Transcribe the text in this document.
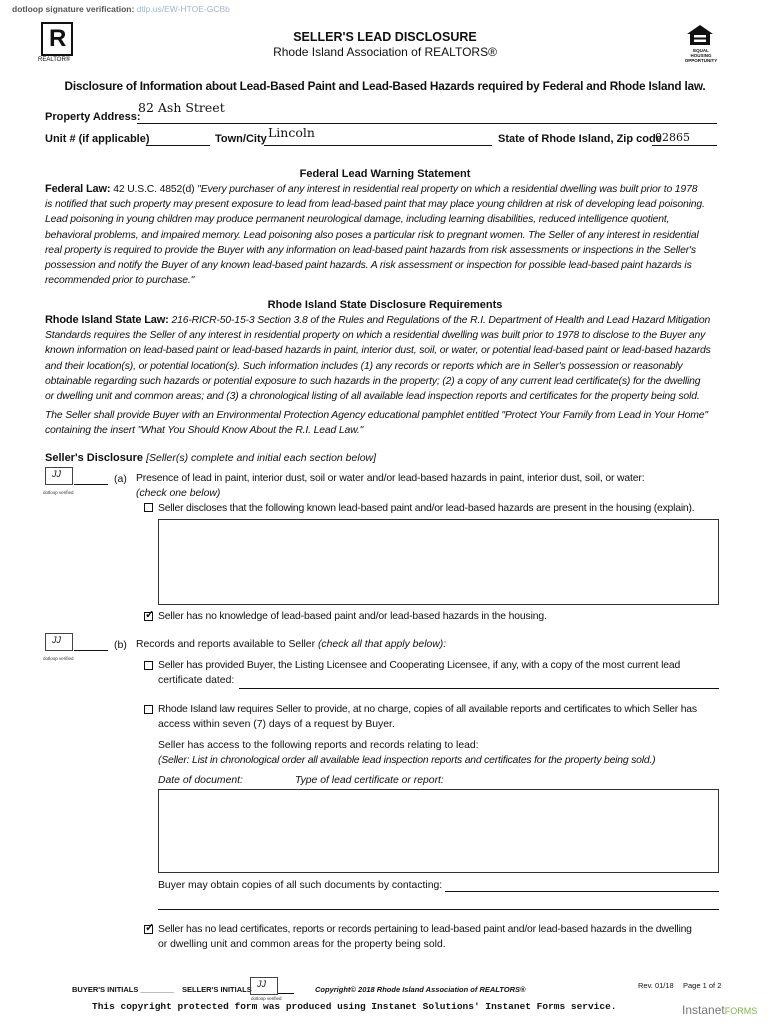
dotloop signature verification: dtlp.us/EW-HTOE-GCBb
R
REALTOR®
EQUAL HOUSING OPPORTUNITY
SELLER'S LEAD DISCLOSURE
Rhode Island Association of REALTORS®
Disclosure of Information about Lead-Based Paint and Lead-Based Hazards required by Federal and Rhode Island law.
Property Address:
82 Ash Street
Unit # (if applicable)	Town/City Lincoln	State of Rhode Island, Zip code
02865
Federal Lead Warning Statement
Federal Law: 42 U.S.C. 4852(d) "Every purchaser of any interest in residential real property on which a residential dwelling was built prior to 1978
is notified that such property may present exposure to lead from lead-based paint that may place young children at risk of developing lead poisoning.
Lead poisoning in young children may produce permanent neurological damage, including learning disabilities, reduced intelligence quotient,
behavioral problems, and impaired memory. Lead poisoning also poses a particular risk to pregnant women. The Seller of any interest in residential
real property is required to provide the Buyer with any information on lead-based paint hazards from risk assessments or inspections in the Seller's
possession and notify the Buyer of any known lead-based paint hazards. A risk assessment or inspection for possible lead-based paint hazards is
recommended prior to purchase."
Rhode Island State Disclosure Requirements
Rhode Island State Law: 216-RICR-50-15-3 Section 3.8 of the Rules and Regulations of the R.I. Department of Health and Lead Hazard Mitigation
Standards requires the Seller of any interest in residential property on which a residential dwelling was built prior to 1978 to disclose to the Buyer any
known information on lead-based paint or lead-based hazards in paint, interior dust, soil, or water, or potential lead-based paint or lead-based hazards
and their location(s), or potential location(s). Such information includes (1) any records or reports which are in Seller's possession or reasonably
obtainable regarding such hazards or potential exposure to such hazards in the property; (2) a copy of any current lead certificate(s) for the dwelling
or dwelling unit and common areas; and (3) a chronological listing of all available lead inspection reports and certificates for the property being sold.
The Seller shall provide Buyer with an Environmental Protection Agency educational pamphlet entitled "Protect Your Family from Lead in Your Home"
containing the insert "What You Should Know About the R.I. Lead Law."
Seller's Disclosure [Seller(s) complete and initial each section below]
JJ
dotloop verified
(a) Presence of lead in paint, interior dust, soil or water and/or lead-based hazards in paint, interior dust, soil, or water:
(check one below)
Seller discloses that the following known lead-based paint and/or lead-based hazards are present in the housing (explain).
✓
Seller has no knowledge of lead-based paint and/or lead-based hazards in the housing.
JJ
dotloop verified
(b) Records and reports available to Seller (check all that apply below):
Seller has provided Buyer, the Listing Licensee and Cooperating Licensee, if any, with a copy of the most current lead
certificate dated:
Rhode Island law requires Seller to provide, at no charge, copies of all available reports and certificates to which Seller has
access within seven (7) days of a request by Buyer.
Seller has access to the following reports and records relating to lead:
(Seller: List in chronological order all available lead inspection reports and certificates for the property being sold.)
Date of document:	Type of lead certificate or report:
Buyer may obtain copies of all such documents by contacting:
✓
Seller has no lead certificates, reports or records pertaining to lead-based paint and/or lead-based hazards in the dwelling
or dwelling unit and common areas for the property being sold.
BUYER'S INITIALS ________ SELLER'S INITIALS
JJ
dotloop verified
Copyright© 2018 Rhode Island Association of REALTORS®	Rev. 01/18 Page 1 of 2
This copyright protected form was produced using Instanet Solutions' Instanet Forms service.	InstanetFORMS
